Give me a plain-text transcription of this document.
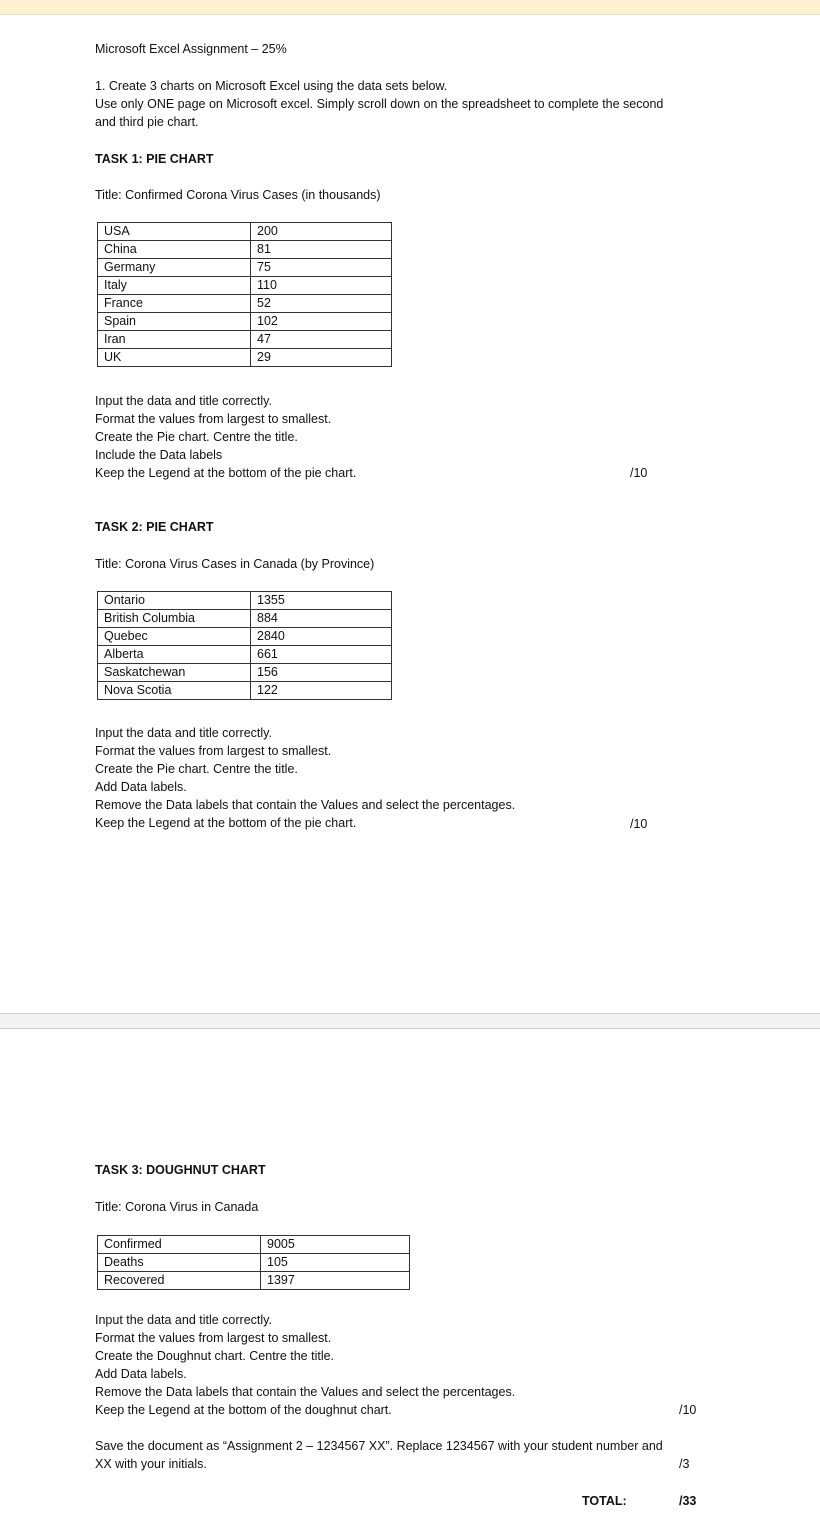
Microsoft Excel Assignment – 25%
1. Create 3 charts on Microsoft Excel using the data sets below.
Use only ONE page on Microsoft excel. Simply scroll down on the spreadsheet to complete the second
and third pie chart.
TASK 1: PIE CHART
Title: Confirmed Corona Virus Cases (in thousands)
USA	200
China	81
Germany	75
Italy	110
France	52
Spain	102
Iran	47
UK	29
Input the data and title correctly.
Format the values from largest to smallest.
Create the Pie chart. Centre the title.
Include the Data labels
Keep the Legend at the bottom of the pie chart.	/10
TASK 2: PIE CHART
Title: Corona Virus Cases in Canada (by Province)
Ontario	1355
British Columbia	884
Quebec	2840
Alberta	661
Saskatchewan	156
Nova Scotia	122
Input the data and title correctly.
Format the values from largest to smallest.
Create the Pie chart. Centre the title.
Add Data labels.
Remove the Data labels that contain the Values and select the percentages.
Keep the Legend at the bottom of the pie chart.	/10
TASK 3: DOUGHNUT CHART
Title: Corona Virus in Canada
Confirmed	9005
Deaths	105
Recovered	1397
Input the data and title correctly.
Format the values from largest to smallest.
Create the Doughnut chart. Centre the title.
Add Data labels.
Remove the Data labels that contain the Values and select the percentages.
Keep the Legend at the bottom of the doughnut chart.	/10
Save the document as “Assignment 2 – 1234567 XX”. Replace 1234567 with your student number and
XX with your initials.	/3
TOTAL:	/33
